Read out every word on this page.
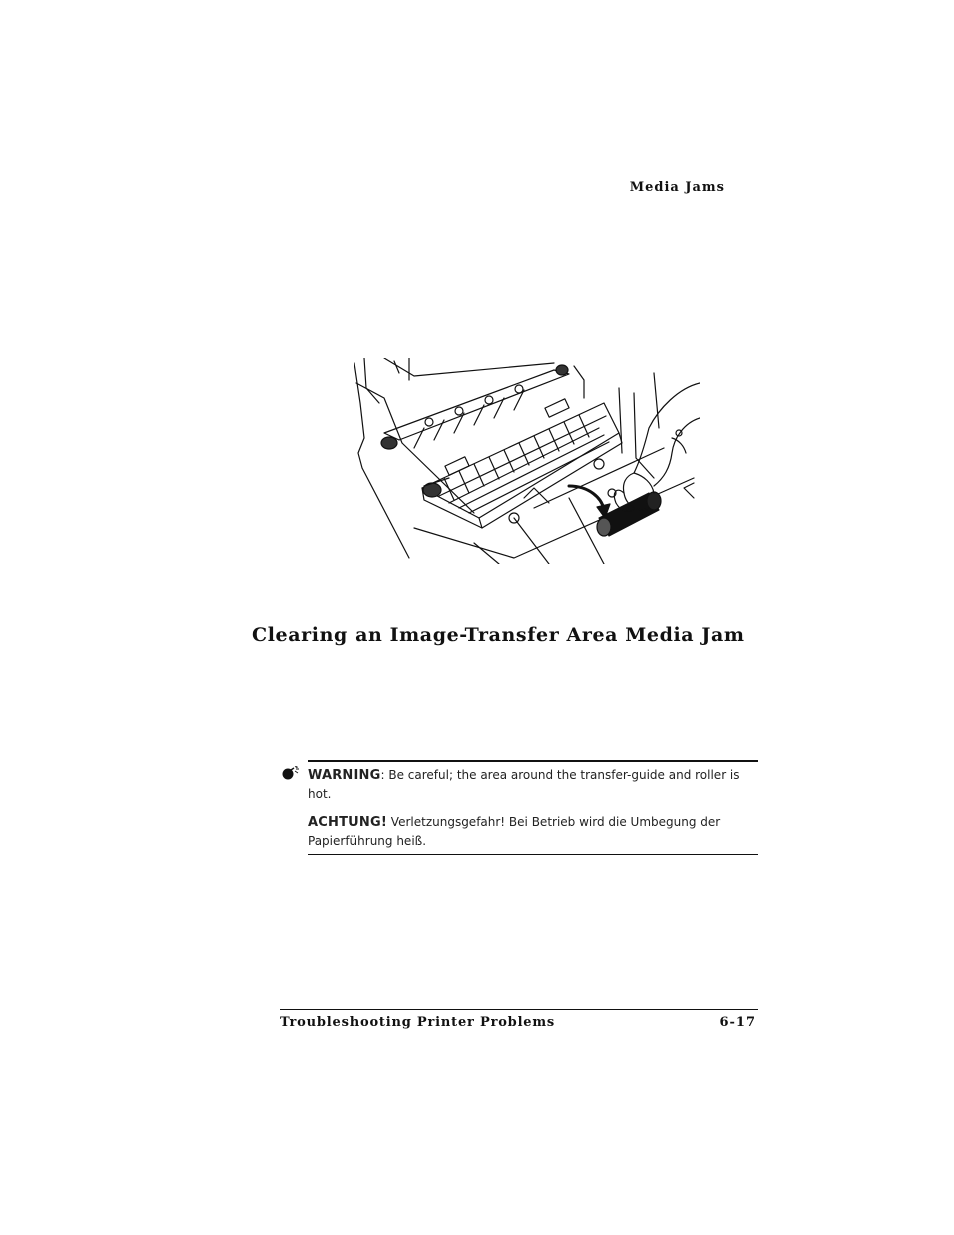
Media Jams
Clearing an Image-Transfer Area Media Jam

WARNING: Be careful; the area around the transfer-guide and roller is hot.

ACHTUNG! Verletzungsgefahr! Bei Betrieb wird die Umbegung der Papierführung heiß.

Troubleshooting Printer Problems	6-17
